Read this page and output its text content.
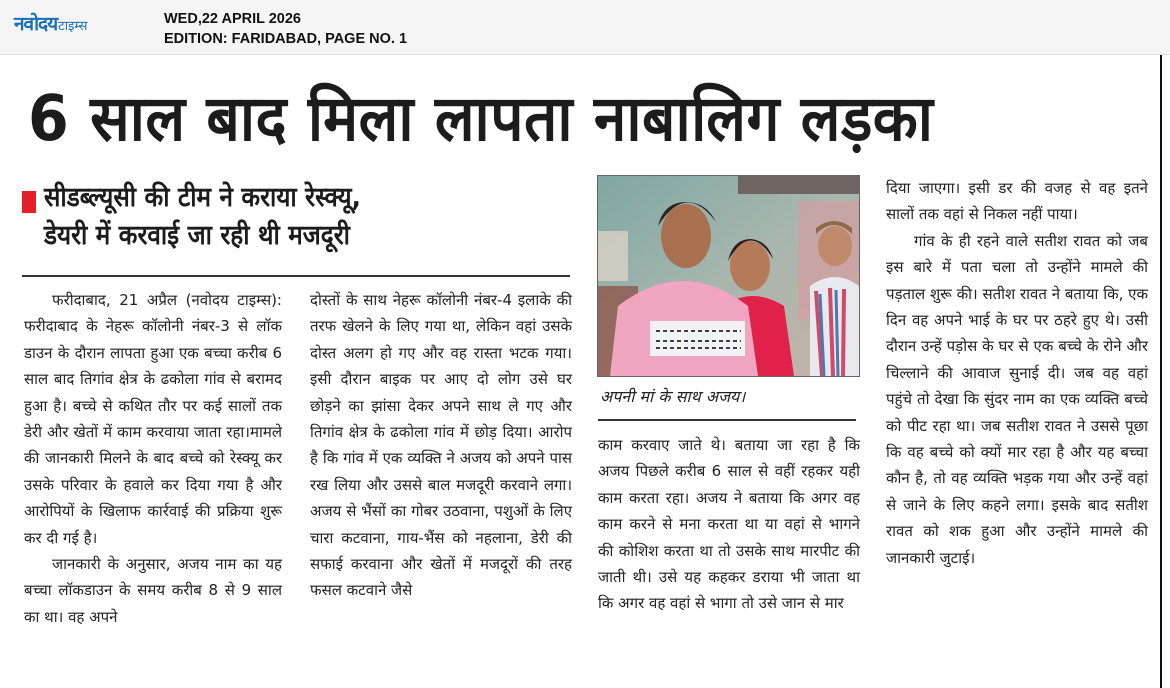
नवोदय टाइम्स	WED,22 APRIL 2026
EDITION: FARIDABAD, PAGE NO. 1
6 साल बाद मिला लापता नाबालिग लड़का
सीडब्ल्यूसी की टीम ने कराया रेस्क्यू,
डेयरी में करवाई जा रही थी मजदूरी

फरीदाबाद, 21 अप्रैल (नवोदय टाइम्स): फरीदाबाद के नेहरू कॉलोनी नंबर-3 से लॉक डाउन के दौरान लापता हुआ एक बच्चा करीब 6 साल बाद तिगांव क्षेत्र के ढकोला गांव से बरामद हुआ है। बच्चे से कथित तौर पर कई सालों तक डेरी और खेतों में काम करवाया जाता रहा।मामले की जानकारी मिलने के बाद बच्चे को रेस्क्यू कर उसके परिवार के हवाले कर दिया गया है और आरोपियों के खिलाफ कार्रवाई की प्रक्रिया शुरू कर दी गई है।

जानकारी के अनुसार, अजय नाम का यह बच्चा लॉकडाउन के समय करीब 8 से 9 साल का था। वह अपने

दोस्तों के साथ नेहरू कॉलोनी नंबर-4 इलाके की तरफ खेलने के लिए गया था, लेकिन वहां उसके दोस्त अलग हो गए और वह रास्ता भटक गया। इसी दौरान बाइक पर आए दो लोग उसे घर छोड़ने का झांसा देकर अपने साथ ले गए और तिगांव क्षेत्र के ढकोला गांव में छोड़ दिया। आरोप है कि गांव में एक व्यक्ति ने अजय को अपने पास रख लिया और उससे बाल मजदूरी करवाने लगा। अजय से भैंसों का गोबर उठवाना, पशुओं के लिए चारा कटवाना, गाय-भैंस को नहलाना, डेरी की सफाई करवाना और खेतों में मजदूरों की तरह फसल कटवाने जैसे

अपनी मां के साथ अजय।

काम करवाए जाते थे। बताया जा रहा है कि अजय पिछले करीब 6 साल से वहीं रहकर यही काम करता रहा। अजय ने बताया कि अगर वह काम करने से मना करता था या वहां से भागने की कोशिश करता था तो उसके साथ मारपीट की जाती थी। उसे यह कहकर डराया भी जाता था कि अगर वह वहां से भागा तो उसे जान से मार

दिया जाएगा। इसी डर की वजह से वह इतने सालों तक वहां से निकल नहीं पाया।

गांव के ही रहने वाले सतीश रावत को जब इस बारे में पता चला तो उन्होंने मामले की पड़ताल शुरू की। सतीश रावत ने बताया कि, एक दिन वह अपने भाई के घर पर ठहरे हुए थे। उसी दौरान उन्हें पड़ोस के घर से एक बच्चे के रोने और चिल्लाने की आवाज सुनाई दी। जब वह वहां पहुंचे तो देखा कि सुंदर नाम का एक व्यक्ति बच्चे को पीट रहा था। जब सतीश रावत ने उससे पूछा कि वह बच्चे को क्यों मार रहा है और यह बच्चा कौन है, तो वह व्यक्ति भड़क गया और उन्हें वहां से जाने के लिए कहने लगा। इसके बाद सतीश रावत को शक हुआ और उन्होंने मामले की जानकारी जुटाई।
